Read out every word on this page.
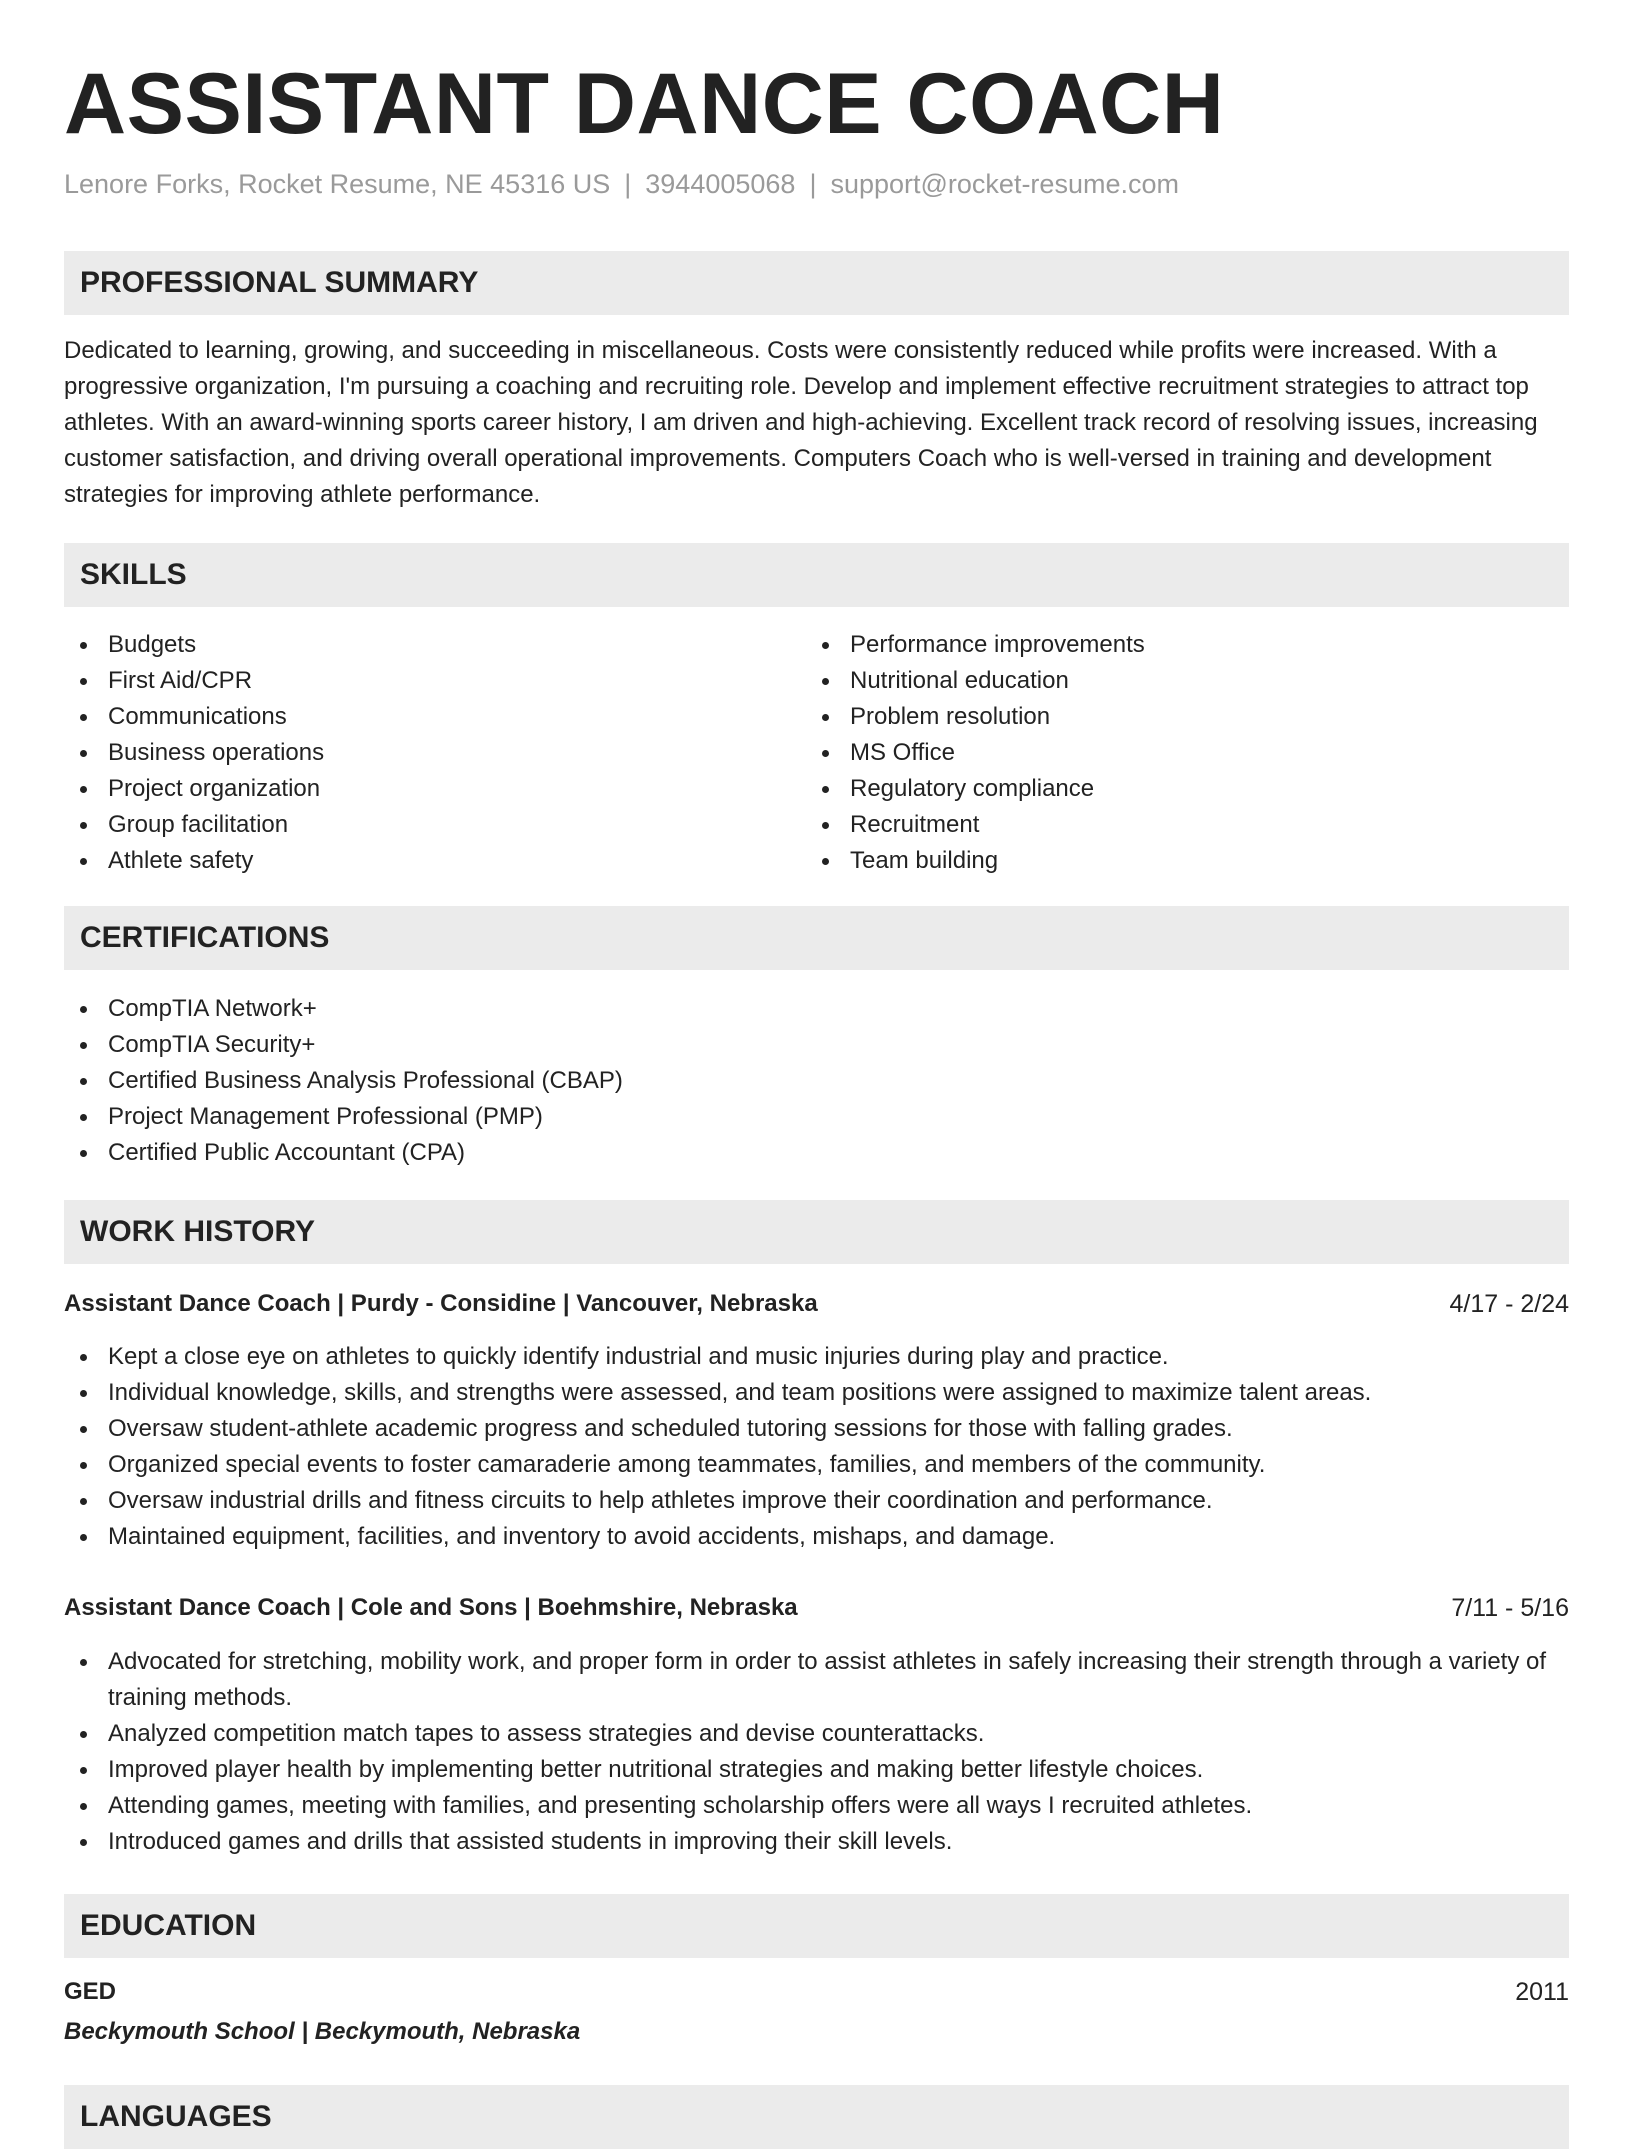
ASSISTANT DANCE COACH
Lenore Forks, Rocket Resume, NE 45316 US | 3944005068 | support@rocket-resume.com
PROFESSIONAL SUMMARY

Dedicated to learning, growing, and succeeding in miscellaneous. Costs were consistently reduced while profits were increased. With a progressive organization, I'm pursuing a coaching and recruiting role. Develop and implement effective recruitment strategies to attract top athletes. With an award-winning sports career history, I am driven and high-achieving. Excellent track record of resolving issues, increasing customer satisfaction, and driving overall operational improvements. Computers Coach who is well-versed in training and development strategies for improving athlete performance.

SKILLS
Budgets
First Aid/CPR
Communications
Business operations
Project organization
Group facilitation
Athlete safety
Performance improvements
Nutritional education
Problem resolution
MS Office
Regulatory compliance
Recruitment
Team building
CERTIFICATIONS
CompTIA Network+
CompTIA Security+
Certified Business Analysis Professional (CBAP)
Project Management Professional (PMP)
Certified Public Accountant (CPA)
WORK HISTORY
Assistant Dance Coach | Purdy - Considine | Vancouver, Nebraska	4/17 - 2/24
Kept a close eye on athletes to quickly identify industrial and music injuries during play and practice.
Individual knowledge, skills, and strengths were assessed, and team positions were assigned to maximize talent areas.
Oversaw student-athlete academic progress and scheduled tutoring sessions for those with falling grades.
Organized special events to foster camaraderie among teammates, families, and members of the community.
Oversaw industrial drills and fitness circuits to help athletes improve their coordination and performance.
Maintained equipment, facilities, and inventory to avoid accidents, mishaps, and damage.
Assistant Dance Coach | Cole and Sons | Boehmshire, Nebraska	7/11 - 5/16
Advocated for stretching, mobility work, and proper form in order to assist athletes in safely increasing their strength through a variety of training methods.
Analyzed competition match tapes to assess strategies and devise counterattacks.
Improved player health by implementing better nutritional strategies and making better lifestyle choices.
Attending games, meeting with families, and presenting scholarship offers were all ways I recruited athletes.
Introduced games and drills that assisted students in improving their skill levels.
EDUCATION
GED	2011
Beckymouth School | Beckymouth, Nebraska
LANGUAGES
